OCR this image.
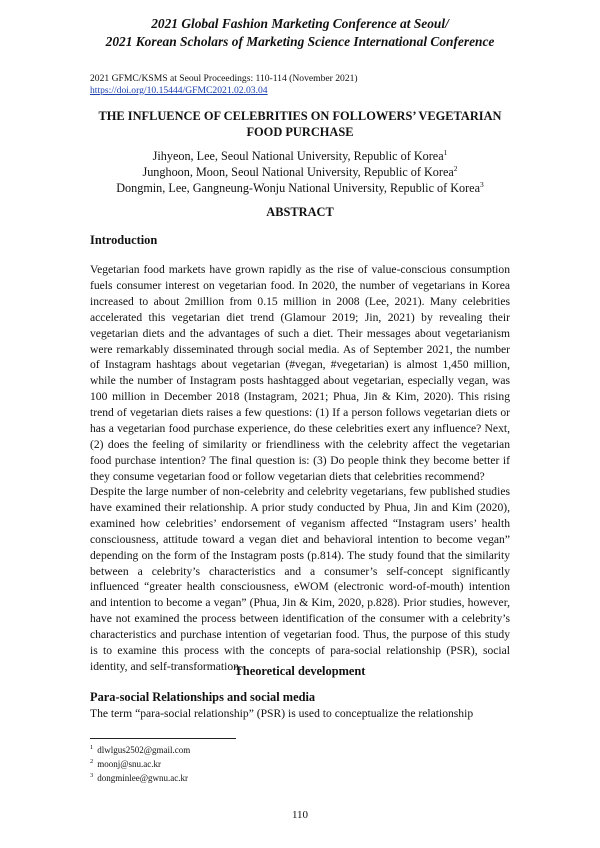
2021 Global Fashion Marketing Conference at Seoul/
2021 Korean Scholars of Marketing Science International Conference
2021 GFMC/KSMS at Seoul Proceedings: 110-114 (November 2021)
https://doi.org/10.15444/GFMC2021.02.03.04
THE INFLUENCE OF CELEBRITIES ON FOLLOWERS’ VEGETARIAN
FOOD PURCHASE
Jihyeon, Lee, Seoul National University, Republic of Korea$^1$
Junghoon, Moon, Seoul National University, Republic of Korea$^2$
Dongmin, Lee, Gangneung-Wonju National University, Republic of Korea$^3$
ABSTRACT
Introduction
Vegetarian food markets have grown rapidly as the rise of value-conscious consumption fuels consumer interest on vegetarian food. In 2020, the number of vegetarians in Korea increased to about 2million from 0.15 million in 2008 (Lee, 2021). Many celebrities accelerated this vegetarian diet trend (Glamour 2019; Jin, 2021) by revealing their vegetarian diets and the advantages of such a diet. Their messages about vegetarianism were remarkably disseminated through social media. As of September 2021, the number of Instagram hashtags about vegetarian (#vegan, #vegetarian) is almost 1,450 million, while the number of Instagram posts hashtagged about vegetarian, especially vegan, was 100 million in December 2018 (Instagram, 2021; Phua, Jin & Kim, 2020). This rising trend of vegetarian diets raises a few questions: (1) If a person follows vegetarian diets or has a vegetarian food purchase experience, do these celebrities exert any influence? Next, (2) does the feeling of similarity or friendliness with the celebrity affect the vegetarian food purchase intention? The final question is: (3) Do people think they become better if they consume vegetarian food or follow vegetarian diets that celebrities recommend?
Despite the large number of non-celebrity and celebrity vegetarians, few published studies have examined their relationship. A prior study conducted by Phua, Jin and Kim (2020), examined how celebrities’ endorsement of veganism affected “Instagram users’ health consciousness, attitude toward a vegan diet and behavioral intention to become vegan” depending on the form of the Instagram posts (p.814). The study found that the similarity between a celebrity’s characteristics and a consumer’s self-concept significantly influenced “greater health consciousness, eWOM (electronic word-of-mouth) intention and intention to become a vegan” (Phua, Jin & Kim, 2020, p.828). Prior studies, however, have not examined the process between identification of the consumer with a celebrity’s characteristics and purchase intention of vegetarian food. Thus, the purpose of this study is to examine this process with the concepts of para-social relationship (PSR), social identity, and self-transformation.
Theoretical development
Para-social Relationships and social media
The term “para-social relationship” (PSR) is used to conceptualize the relationship
$^1$ dlwlgus2502@gmail.com
$^2$ moonj@snu.ac.kr
$^3$ dongminlee@gwnu.ac.kr
110
